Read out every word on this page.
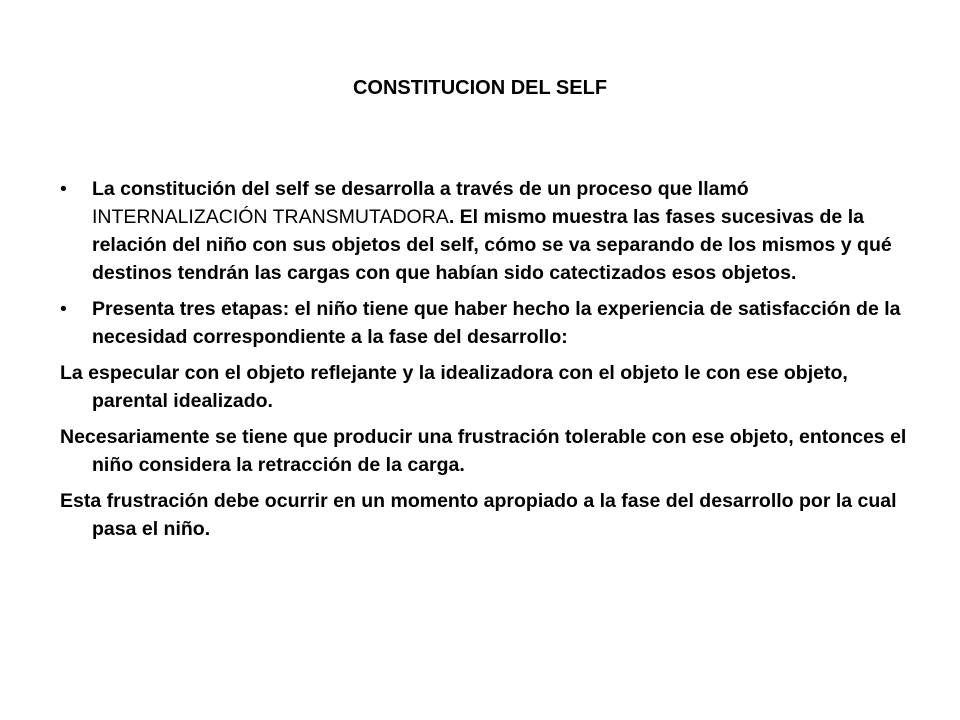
CONSTITUCION DEL SELF

•	La constitución del self se desarrolla a través de un proceso que llamó INTERNALIZACIÓN TRANSMUTADORA. El mismo muestra las fases sucesivas de la relación del niño con sus objetos del self, cómo se va separando de los mismos y qué destinos tendrán las cargas con que habían sido catectizados esos objetos.

•	Presenta tres etapas: el niño tiene que haber hecho la experiencia de satisfacción de la necesidad correspondiente a la fase del desarrollo:

La especular con el objeto reflejante y la idealizadora con el objeto le con ese objeto, parental idealizado.

Necesariamente se tiene que producir una frustración tolerable con ese objeto, entonces el niño considera la retracción de la carga.

Esta frustración debe ocurrir en un momento apropiado a la fase del desarrollo por la cual pasa el niño.
